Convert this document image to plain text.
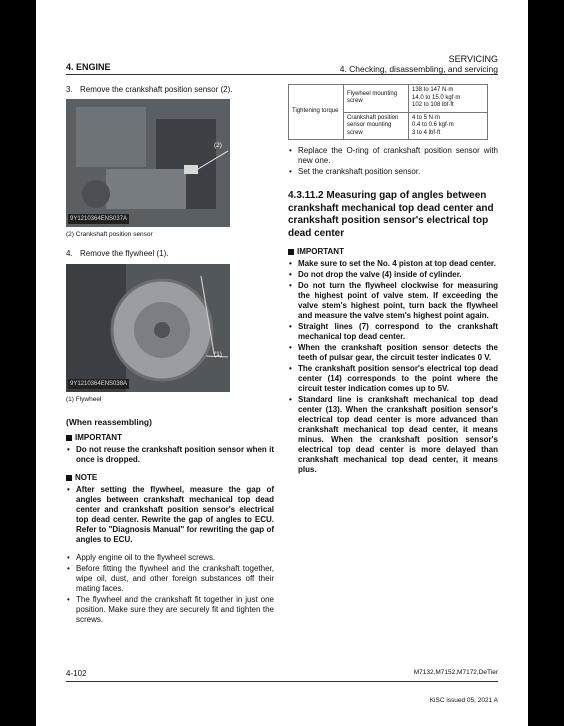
4. ENGINE
SERVICING
4. Checking, disassembling, and servicing
3. Remove the crankshaft position sensor (2).
(2)
9Y1210364ENS037A
(2) Crankshaft position sensor
4. Remove the flywheel (1).
(1)
9Y1210364ENS038A
(1) Flywheel
(When reassembling)
IMPORTANT
• Do not reuse the crankshaft position sensor when it once is dropped.
NOTE
• After setting the flywheel, measure the gap of angles between crankshaft mechanical top dead center and crankshaft position sensor's electrical top dead center. Rewrite the gap of angles to ECU. Refer to "Diagnosis Manual" for rewriting the gap of angles to ECU.
• Apply engine oil to the flywheel screws.
• Before fitting the flywheel and the crankshaft together, wipe oil, dust, and other foreign substances off their mating faces.
• The flywheel and the crankshaft fit together in just one position. Make sure they are securely fit and tighten the screws.
Tightening torque	Flywheel mounting screw	138 to 147 N·m
14.0 to 15.0 kgf·m
102 to 108 lbf·ft

	Crankshaft position sensor mounting screw	4 to 5 N·m
0.4 to 0.6 kgf·m
3 to 4 lbf·ft
• Replace the O-ring of crankshaft position sensor with new one.
• Set the crankshaft position sensor.
4.3.11.2 Measuring gap of angles between crankshaft mechanical top dead center and crankshaft position sensor's electrical top dead center
IMPORTANT
• Make sure to set the No. 4 piston at top dead center.
• Do not drop the valve (4) inside of cylinder.
• Do not turn the flywheel clockwise for measuring the highest point of valve stem. If exceeding the valve stem's highest point, turn back the flywheel and measure the valve stem's highest point again.
• Straight lines (7) correspond to the crankshaft mechanical top dead center.
• When the crankshaft position sensor detects the teeth of pulsar gear, the circuit tester indicates 0 V.
• The crankshaft position sensor's electrical top dead center (14) corresponds to the point where the circuit tester indication comes up to 5V.
• Standard line is crankshaft mechanical top dead center (13). When the crankshaft position sensor's electrical top dead center is more advanced than crankshaft mechanical top dead center, it means minus. When the crankshaft position sensor's electrical top dead center is more delayed than crankshaft mechanical top dead center, it means plus.
4-102	M7132,M7152,M7172,DeTier
KiSC issued 05, 2021 A
